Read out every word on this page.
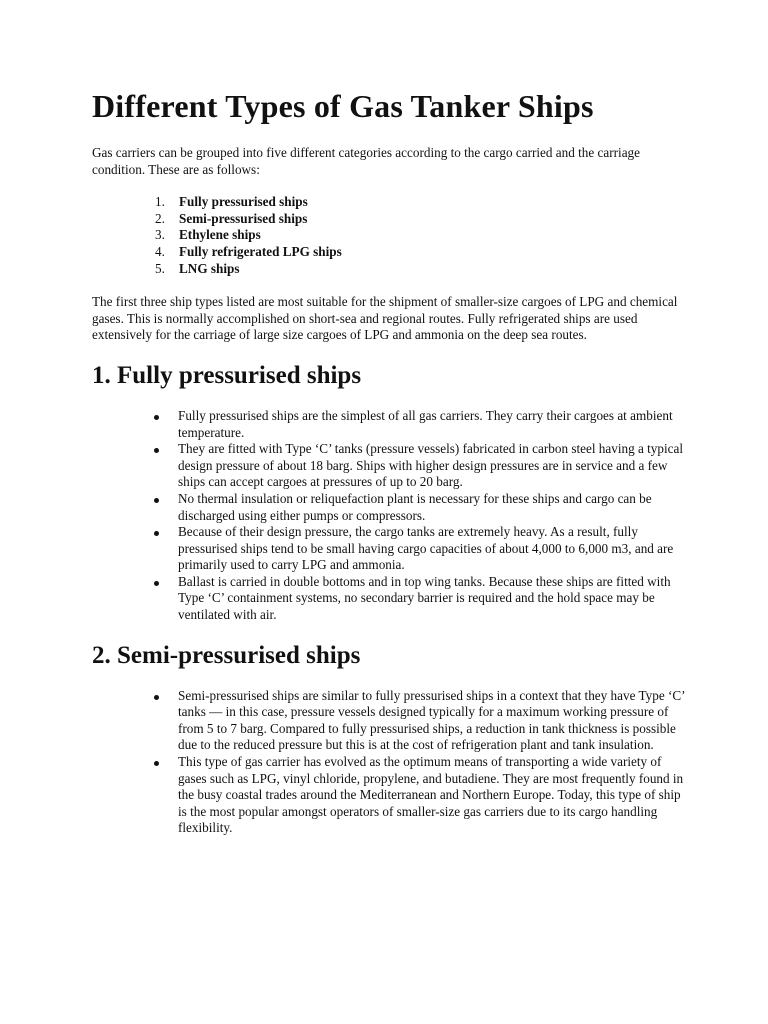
Different Types of Gas Tanker Ships

Gas carriers can be grouped into five different categories according to the cargo carried and the carriage condition. These are as follows:

1. Fully pressurised ships
2. Semi-pressurised ships
3. Ethylene ships
4. Fully refrigerated LPG ships
5. LNG ships

The first three ship types listed are most suitable for the shipment of smaller-size cargoes of LPG and chemical gases. This is normally accomplished on short-sea and regional routes. Fully refrigerated ships are used extensively for the carriage of large size cargoes of LPG and ammonia on the deep sea routes.

1. Fully pressurised ships
Fully pressurised ships are the simplest of all gas carriers. They carry their cargoes at ambient temperature.
They are fitted with Type ‘C’ tanks (pressure vessels) fabricated in carbon steel having a typical design pressure of about 18 barg. Ships with higher design pressures are in service and a few ships can accept cargoes at pressures of up to 20 barg.
No thermal insulation or reliquefaction plant is necessary for these ships and cargo can be discharged using either pumps or compressors.
Because of their design pressure, the cargo tanks are extremely heavy. As a result, fully pressurised ships tend to be small having cargo capacities of about 4,000 to 6,000 m3, and are primarily used to carry LPG and ammonia.
Ballast is carried in double bottoms and in top wing tanks. Because these ships are fitted with Type ‘C’ containment systems, no secondary barrier is required and the hold space may be ventilated with air.
2. Semi-pressurised ships
Semi-pressurised ships are similar to fully pressurised ships in a context that they have Type ‘C’ tanks — in this case, pressure vessels designed typically for a maximum working pressure of from 5 to 7 barg. Compared to fully pressurised ships, a reduction in tank thickness is possible due to the reduced pressure but this is at the cost of refrigeration plant and tank insulation.
This type of gas carrier has evolved as the optimum means of transporting a wide variety of gases such as LPG, vinyl chloride, propylene, and butadiene. They are most frequently found in the busy coastal trades around the Mediterranean and Northern Europe. Today, this type of ship is the most popular amongst operators of smaller-size gas carriers due to its cargo handling flexibility.
